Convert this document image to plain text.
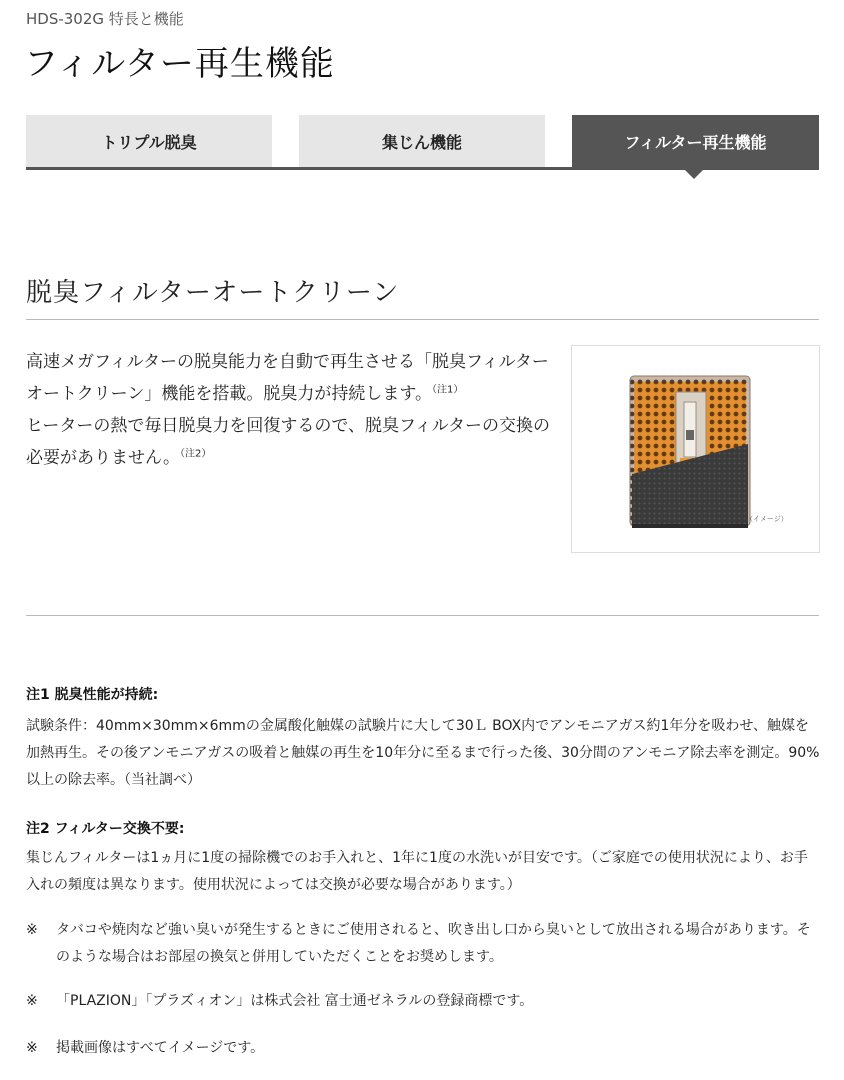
HDS-302G 特長と機能
フィルター再生機能
トリプル脱臭	集じん機能	フィルター再生機能
脱臭フィルターオートクリーン

高速メガフィルターの脱臭能力を自動で再生させる「脱臭フィルターオートクリーン」機能を搭載。脱臭力が持続します。$^{(注1)}$

ヒーターの熱で毎日脱臭力を回復するので、脱臭フィルターの交換の必要がありません。$^{(注2)}$

（イメージ）
注1 脱臭性能が持続:
試験条件：40mm×30mm×6mmの金属酸化触媒の試験片に大して30Ｌ BOX内でアンモニアガス約1年分を吸わせ、触媒を加熱再生。その後アンモニアガスの吸着と触媒の再生を10年分に至るまで行った後、30分間のアンモニア除去率を測定。90%以上の除去率。（当社調べ）
注2 フィルター交換不要:
集じんフィルターは1ヵ月に1度の掃除機でのお手入れと、1年に1度の水洗いが目安です。（ご家庭での使用状況により、お手入れの頻度は異なります。使用状況によっては交換が必要な場合があります。）
※ タバコや焼肉など強い臭いが発生するときにご使用されると、吹き出し口から臭いとして放出される場合があります。そのような場合はお部屋の換気と併用していただくことをお奨めします。
※ 「PLAZION」「プラズィオン」は株式会社 富士通ゼネラルの登録商標です。
※ 掲載画像はすべてイメージです。
